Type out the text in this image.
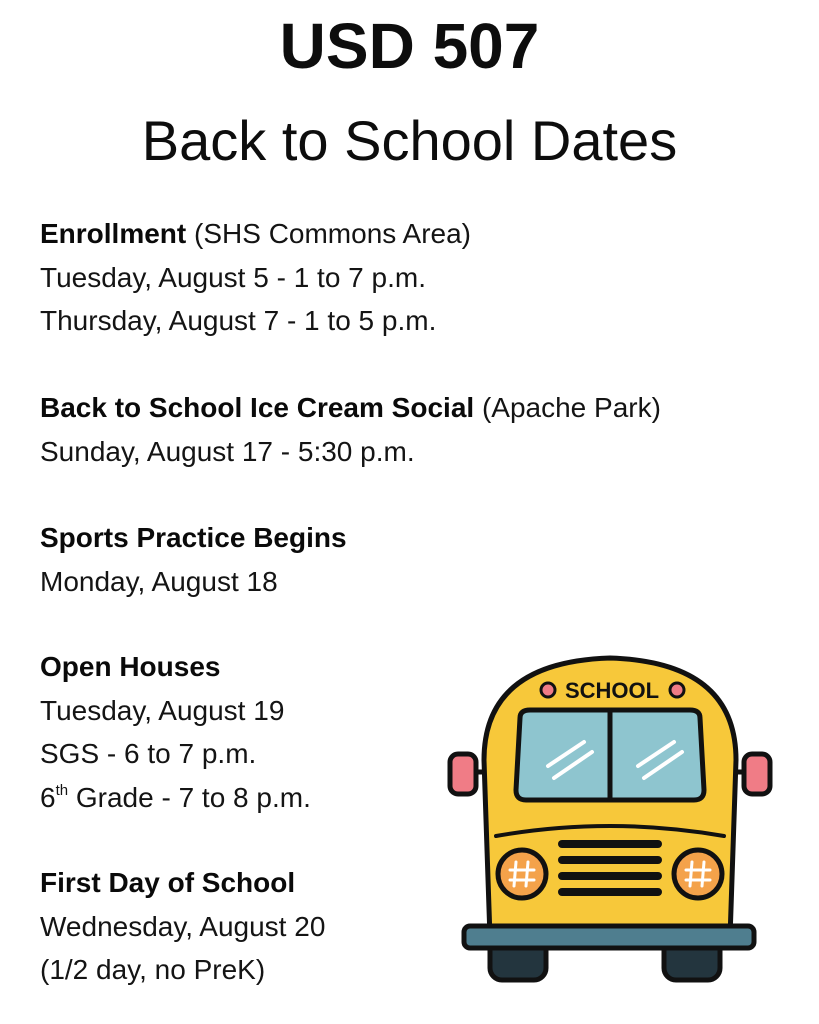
USD 507
Back to School Dates
Enrollment (SHS Commons Area)
Tuesday, August 5 - 1 to 7 p.m.
Thursday, August 7 - 1 to 5 p.m.
Back to School Ice Cream Social (Apache Park)
Sunday, August 17 - 5:30 p.m.
Sports Practice Begins
Monday, August 18
Open Houses
Tuesday, August 19
SGS - 6 to 7 p.m.
6th Grade - 7 to 8 p.m.
First Day of School
Wednesday, August 20
(1/2 day, no PreK)
SCHOOL
